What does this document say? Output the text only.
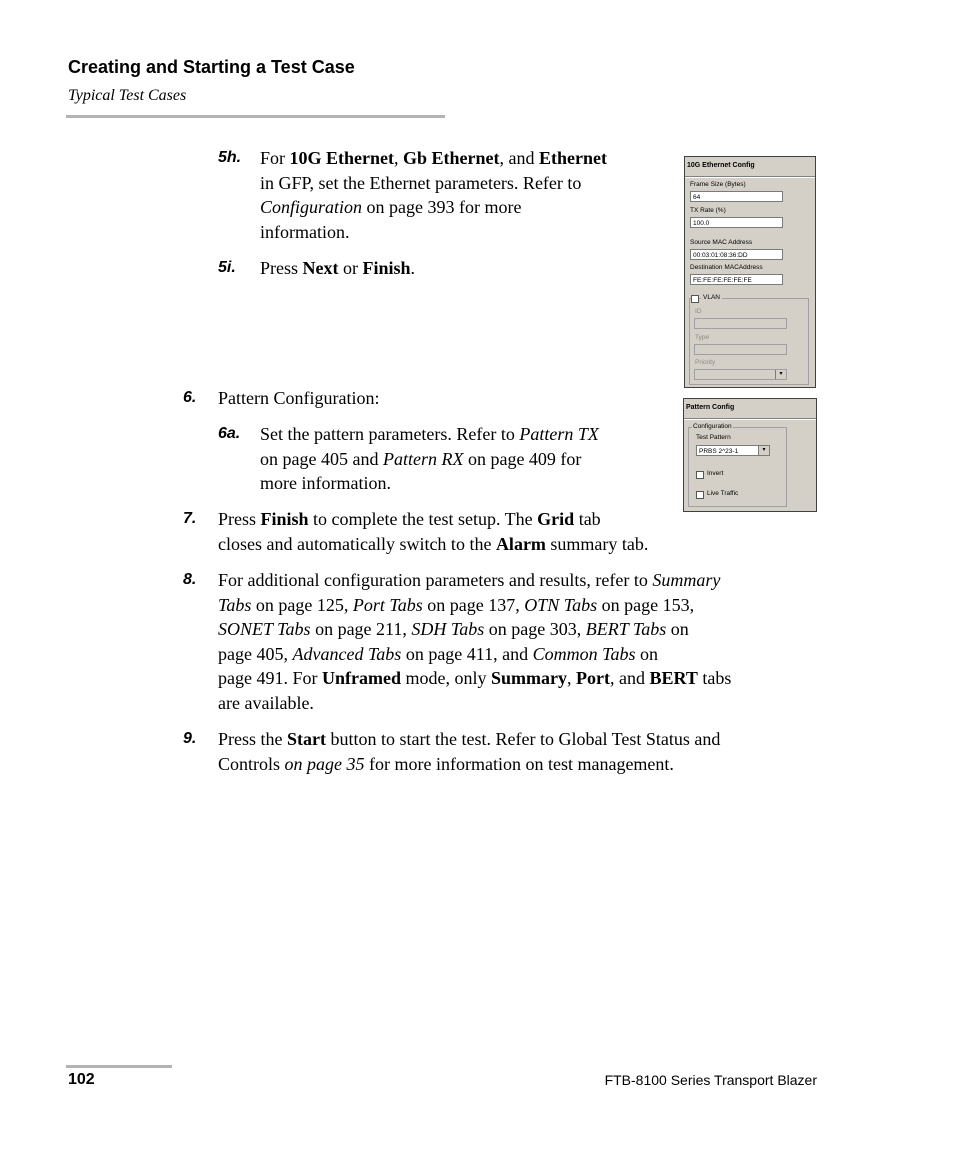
Creating and Starting a Test Case
Typical Test Cases
5h. For 10G Ethernet, Gb Ethernet, and Ethernet
in GFP, set the Ethernet parameters. Refer to
Configuration on page 393 for more
information.
5i. Press Next or Finish.
10G Ethernet Config
Frame Size (Bytes)
64
TX Rate (%)
100.0
Source MAC Address
00:03:01:08:36:DD
Destination MACAddress
FE:FE:FE:FE:FE:FE
VLAN
ID
Type
Priority
▾
6. Pattern Configuration:	Pattern Config
Configuration
Test Pattern
PRBS 2^23-1	▾
Invert
Live Traffic
6a. Set the pattern parameters. Refer to Pattern TX
on page 405 and Pattern RX on page 409 for
more information.
7. Press Finish to complete the test setup. The Grid tab
closes and automatically switch to the Alarm summary tab.
8. For additional configuration parameters and results, refer to Summary
Tabs on page 125, Port Tabs on page 137, OTN Tabs on page 153,
SONET Tabs on page 211, SDH Tabs on page 303, BERT Tabs on
page 405, Advanced Tabs on page 411, and Common Tabs on
page 491. For Unframed mode, only Summary, Port, and BERT tabs
are available.
9. Press the Start button to start the test. Refer to Global Test Status and
Controls on page 35 for more information on test management.
102	FTB-8100 Series Transport Blazer
